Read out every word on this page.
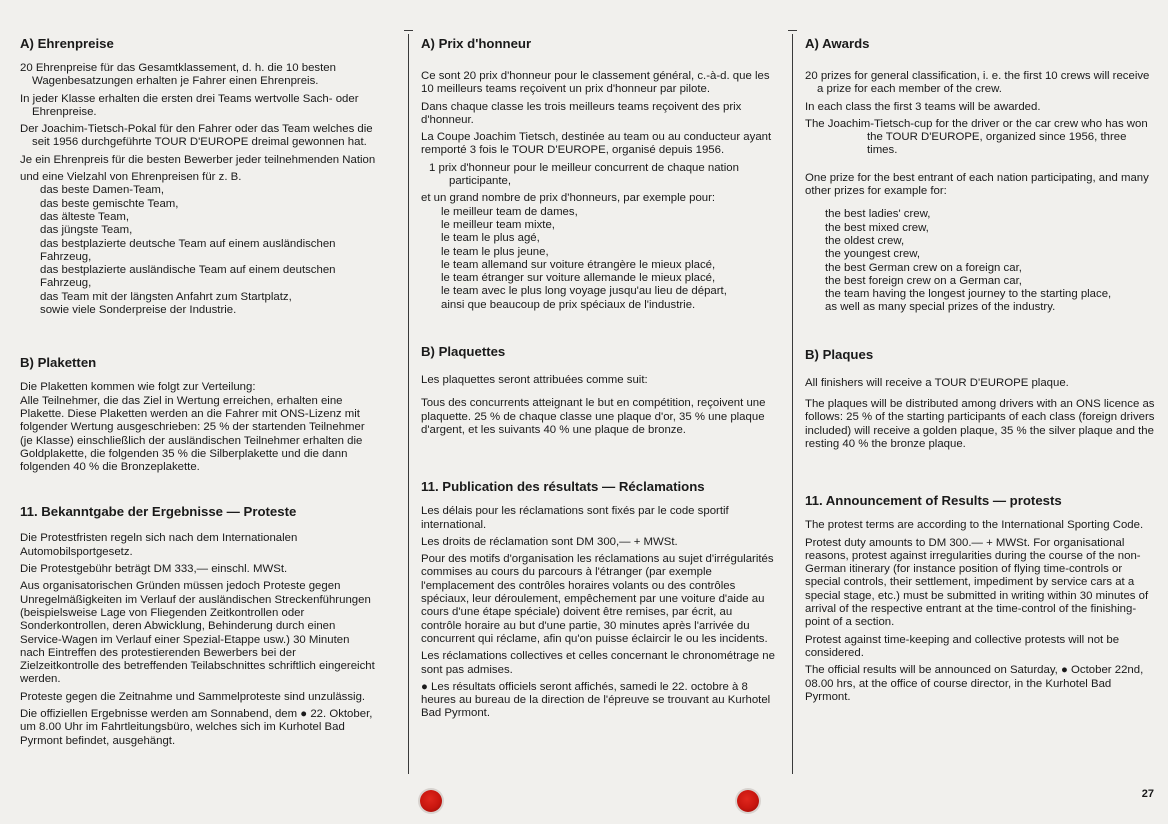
A) Ehrenpreise

20 Ehrenpreise für das Gesamtklassement, d. h. die 10 besten Wagenbesatzungen erhalten je Fahrer einen Ehrenpreis.

In jeder Klasse erhalten die ersten drei Teams wertvolle Sach- oder Ehrenpreise.

Der Joachim-Tietsch-Pokal für den Fahrer oder das Team welches die seit 1956 durchgeführte TOUR D'EUROPE dreimal gewonnen hat.

Je ein Ehrenpreis für die besten Bewerber jeder teilnehmenden Nation

und eine Vielzahl von Ehrenpreisen für z. B.

das beste Damen-Team,
das beste gemischte Team,
das älteste Team,
das jüngste Team,
das bestplazierte deutsche Team auf einem ausländischen Fahrzeug,
das bestplazierte ausländische Team auf einem deutschen Fahrzeug,
das Team mit der längsten Anfahrt zum Startplatz,
sowie viele Sonderpreise der Industrie.
B) Plaketten

Die Plaketten kommen wie folgt zur Verteilung:

Alle Teilnehmer, die das Ziel in Wertung erreichen, erhalten eine Plakette. Diese Plaketten werden an die Fahrer mit ONS-Lizenz mit folgender Wertung ausgeschrieben: 25 % der startenden Teilnehmer (je Klasse) einschließlich der ausländischen Teilnehmer erhalten die Goldplakette, die folgenden 35 % die Silberplakette und die dann folgenden 40 % die Bronzeplakette.

11. Bekanntgabe der Ergebnisse — Proteste

Die Protestfristen regeln sich nach dem Internationalen Automobilsportgesetz.

Die Protestgebühr beträgt DM 333,— einschl. MWSt.

Aus organisatorischen Gründen müssen jedoch Proteste gegen Unregelmäßigkeiten im Verlauf der ausländischen Streckenführungen (beispielsweise Lage von Fliegenden Zeitkontrollen oder Sonderkontrollen, deren Abwicklung, Behinderung durch einen Service-Wagen im Verlauf einer Spezial-Etappe usw.) 30 Minuten nach Eintreffen des protestierenden Bewerbers bei der Zielzeitkontrolle des betreffenden Teilabschnittes schriftlich eingereicht werden.

Proteste gegen die Zeitnahme und Sammelproteste sind unzulässig.

Die offiziellen Ergebnisse werden am Sonnabend, dem ● 22. Oktober, um 8.00 Uhr im Fahrtleitungsbüro, welches sich im Kurhotel Bad Pyrmont befindet, ausgehängt.

A) Prix d'honneur

Ce sont 20 prix d'honneur pour le classement général, c.-à-d. que les 10 meilleurs teams reçoivent un prix d'honneur par pilote.

Dans chaque classe les trois meilleurs teams reçoivent des prix d'honneur.

La Coupe Joachim Tietsch, destinée au team ou au conducteur ayant remporté 3 fois le TOUR D'EUROPE, organisé depuis 1956.

1 prix d'honneur pour le meilleur concurrent de chaque nation participante,

et un grand nombre de prix d'honneurs, par exemple pour:

le meilleur team de dames,
le meilleur team mixte,
le team le plus agé,
le team le plus jeune,
le team allemand sur voiture étrangère le mieux placé,
le team étranger sur voiture allemande le mieux placé,
le team avec le plus long voyage jusqu'au lieu de départ,
ainsi que beaucoup de prix spéciaux de l'industrie.
B) Plaquettes

Les plaquettes seront attribuées comme suit:

Tous des concurrents atteignant le but en compétition, reçoivent une plaquette. 25 % de chaque classe une plaque d'or, 35 % une plaque d'argent, et les suivants 40 % une plaque de bronze.

11. Publication des résultats — Réclamations

Les délais pour les réclamations sont fixés par le code sportif international.

Les droits de réclamation sont DM 300,— + MWSt.

Pour des motifs d'organisation les réclamations au sujet d'irrégularités commises au cours du parcours à l'étranger (par exemple l'emplacement des contrôles horaires volants ou des contrôles spéciaux, leur déroulement, empêchement par une voiture d'aide au cours d'une étape spéciale) doivent être remises, par écrit, au contrôle horaire au but d'une partie, 30 minutes après l'arrivée du concurrent qui réclame, afin qu'on puisse éclaircir le ou les incidents.

Les réclamations collectives et celles concernant le chronométrage ne sont pas admises.

● Les résultats officiels seront affichés, samedi le 22. octobre à 8 heures au bureau de la direction de l'épreuve se trouvant au Kurhotel Bad Pyrmont.

A) Awards

20 prizes for general classification, i. e. the first 10 crews will receive a prize for each member of the crew.

In each class the first 3 teams will be awarded.

The Joachim-Tietsch-cup for the driver or the car crew who has won the TOUR D'EUROPE, organized since 1956, three times.

One prize for the best entrant of each nation participating, and many other prizes for example for:

the best ladies' crew,
the best mixed crew,
the oldest crew,
the youngest crew,
the best German crew on a foreign car,
the best foreign crew on a German car,
the team having the longest journey to the starting place,
as well as many special prizes of the industry.
B) Plaques

All finishers will receive a TOUR D'EUROPE plaque.

The plaques will be distributed among drivers with an ONS licence as follows: 25 % of the starting participants of each class (foreign drivers included) will receive a golden plaque, 35 % the silver plaque and the resting 40 % the bronze plaque.

11. Announcement of Results — protests

The protest terms are according to the International Sporting Code.

Protest duty amounts to DM 300.— + MWSt. For organisational reasons, protest against irregularities during the course of the non-German itinerary (for instance position of flying time-controls or special controls, their settlement, impediment by service cars at a special stage, etc.) must be submitted in writing within 30 minutes of arrival of the respective entrant at the time-control of the finishing-point of a section.

Protest against time-keeping and collective protests will not be considered.

The official results will be announced on Saturday, ● October 22nd, 08.00 hrs, at the office of course director, in the Kurhotel Bad Pyrmont.

27
